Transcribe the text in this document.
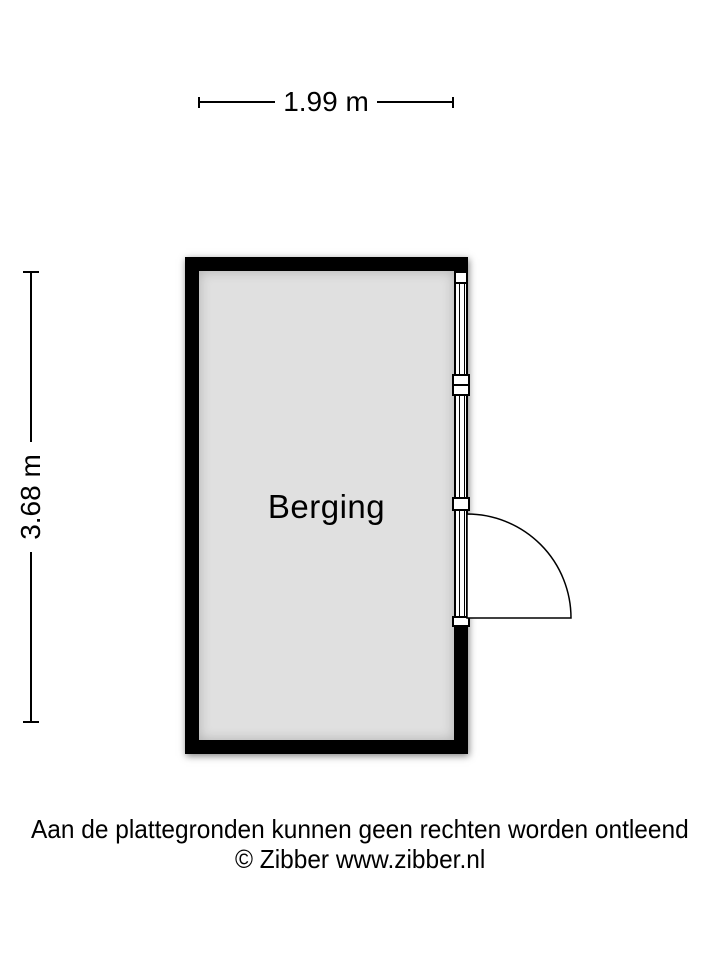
1.99 m
3.68 m	Berging
Aan de plattegronden kunnen geen rechten worden ontleend
© Zibber www.zibber.nl
